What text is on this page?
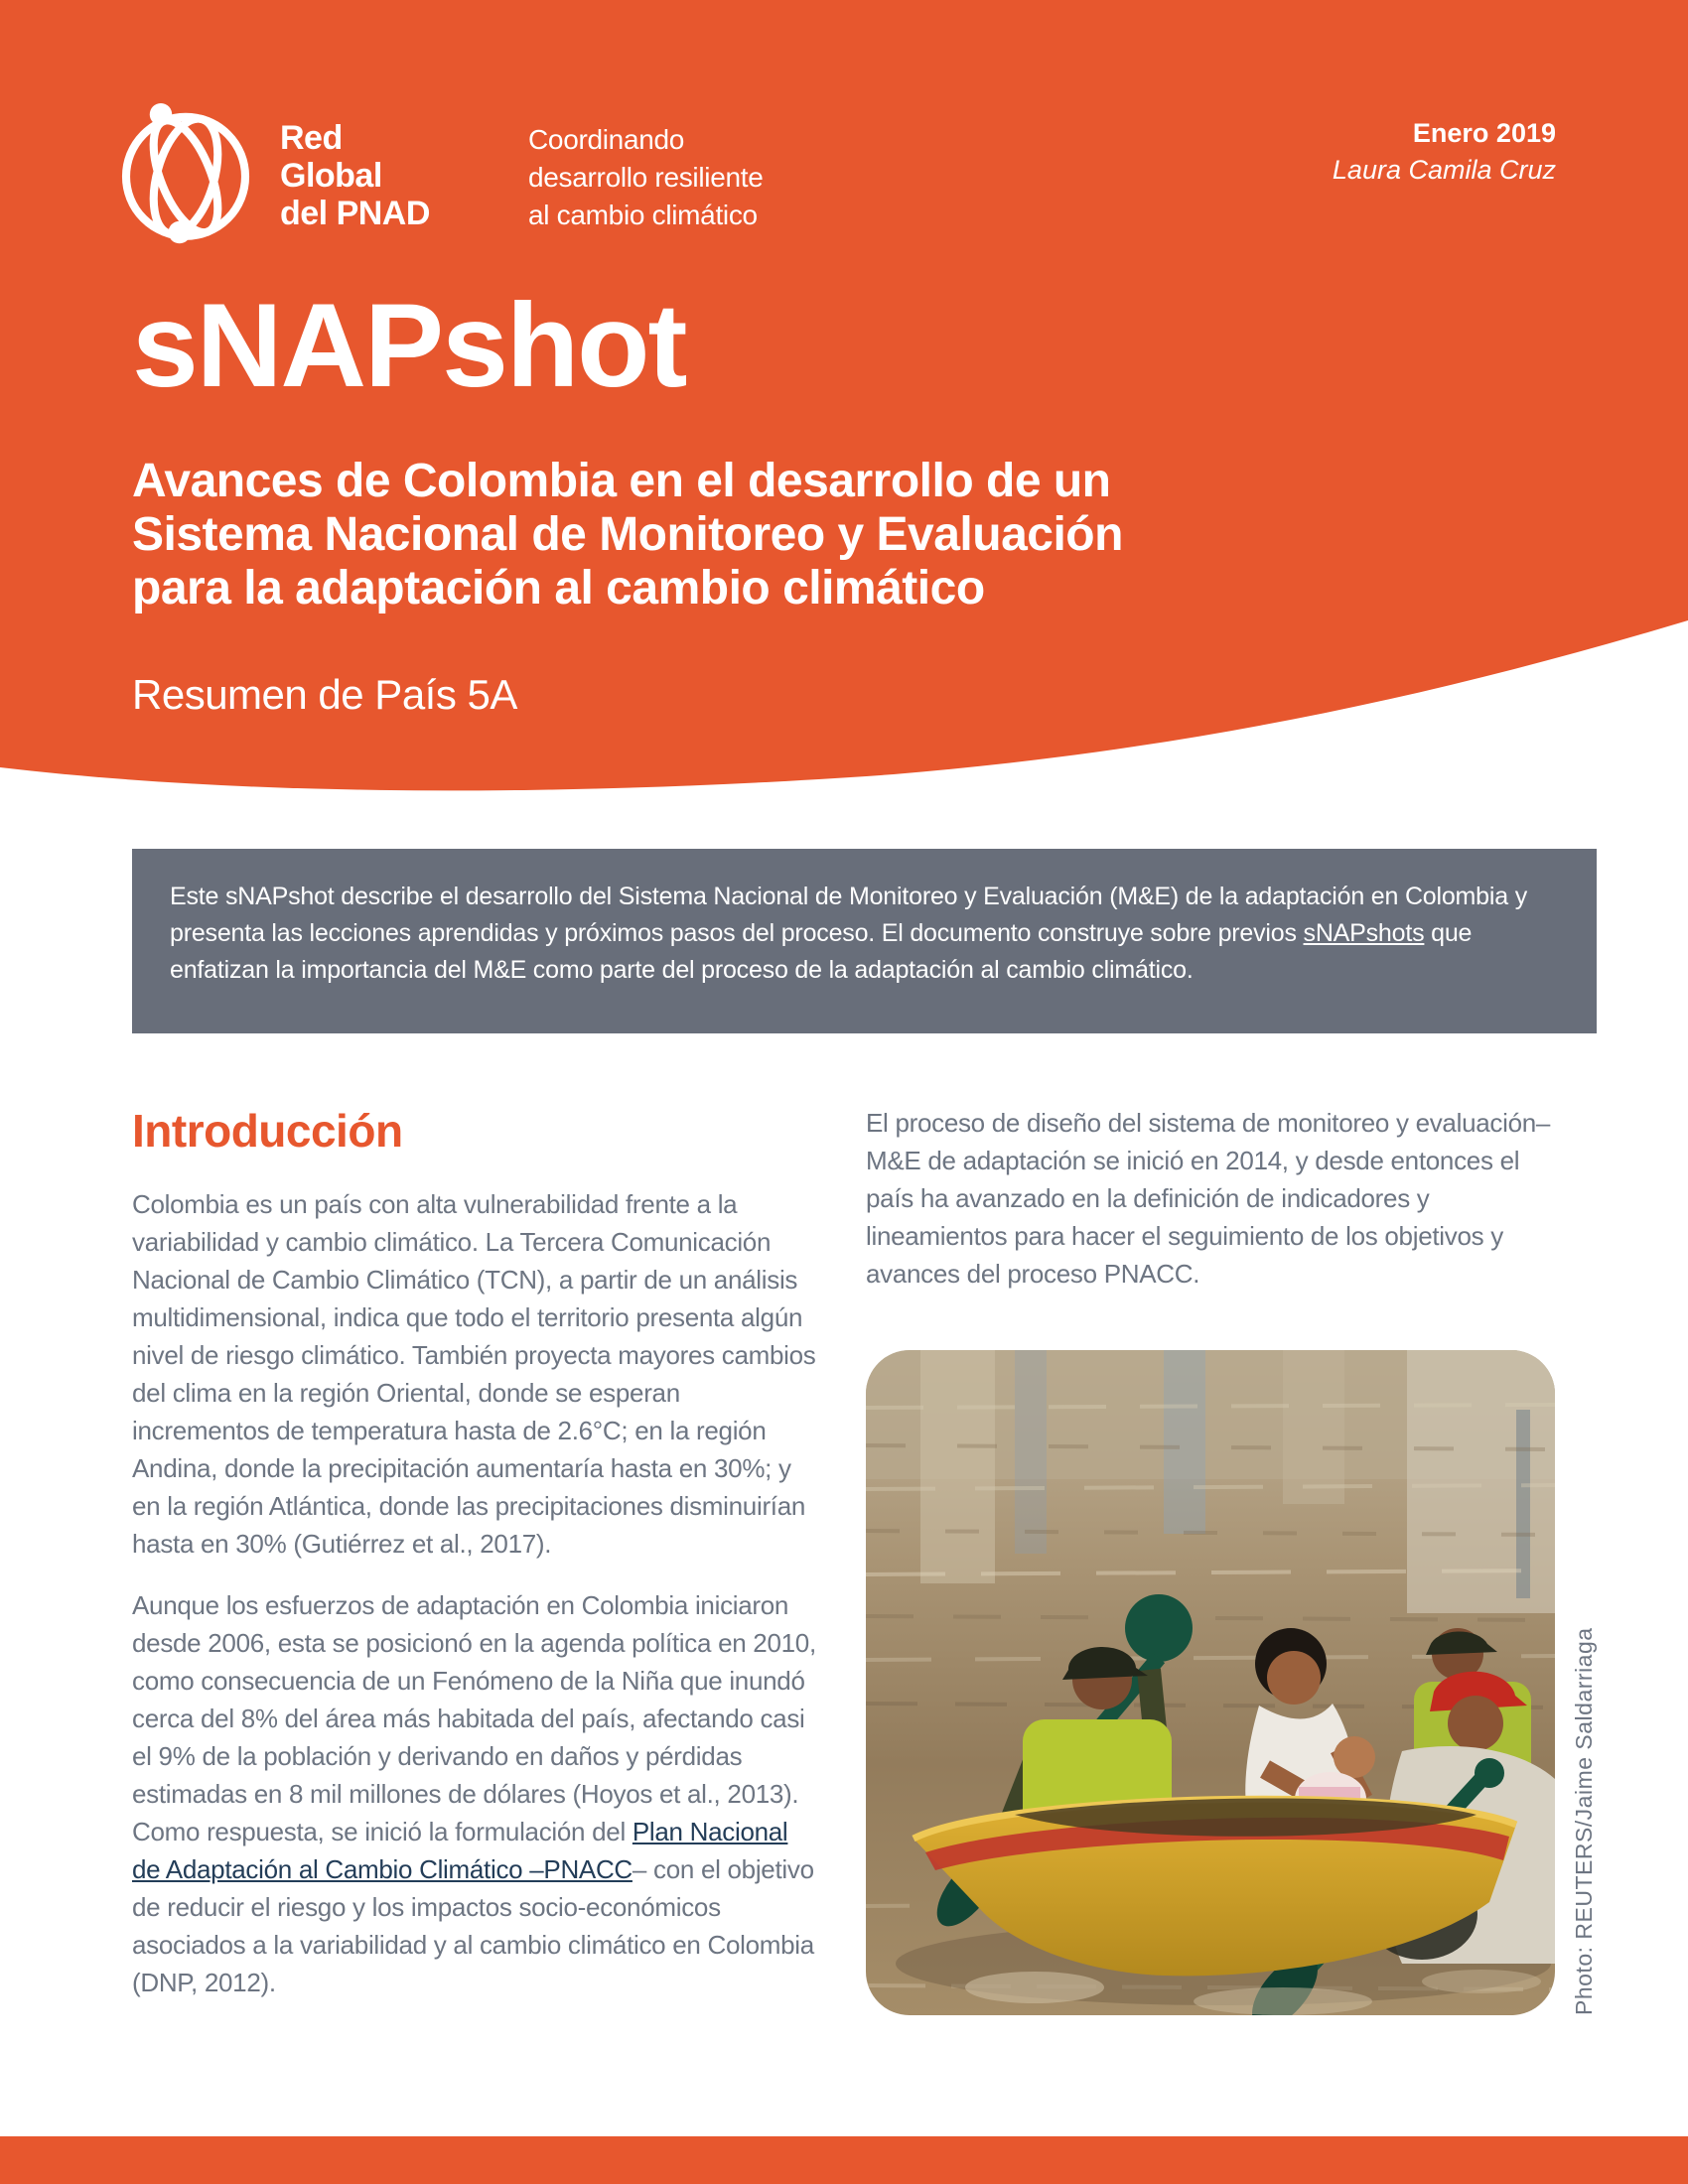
Red
Global
del PNAD
Coordinando
desarrollo resiliente
al cambio climático
Enero 2019
Laura Camila Cruz
sNAPshot
Avances de Colombia en el desarrollo de un
Sistema Nacional de Monitoreo y Evaluación
para la adaptación al cambio climático
Resumen de País 5A
Este sNAPshot describe el desarrollo del Sistema Nacional de Monitoreo y Evaluación (M&E) de la adaptación en Colombia y presenta las lecciones aprendidas y próximos pasos del proceso. El documento construye sobre previos sNAPshots que enfatizan la importancia del M&E como parte del proceso de la adaptación al cambio climático.
Introducción

Colombia es un país con alta vulnerabilidad frente a la variabilidad y cambio climático. La Tercera Comunicación Nacional de Cambio Climático (TCN), a partir de un análisis multidimensional, indica que todo el territorio presenta algún nivel de riesgo climático. También proyecta mayores cambios del clima en la región Oriental, donde se esperan incrementos de temperatura hasta de 2.6°C; en la región Andina, donde la precipitación aumentaría hasta en 30%; y en la región Atlántica, donde las precipitaciones disminuirían hasta en 30% (Gutiérrez et al., 2017).

Aunque los esfuerzos de adaptación en Colombia iniciaron desde 2006, esta se posicionó en la agenda política en 2010, como consecuencia de un Fenómeno de la Niña que inundó cerca del 8% del área más habitada del país, afectando casi el 9% de la población y derivando en daños y pérdidas estimadas en 8 mil millones de dólares (Hoyos et al., 2013). Como respuesta, se inició la formulación del Plan Nacional de Adaptación al Cambio Climático –PNACC– con el objetivo de reducir el riesgo y los impactos socio-económicos asociados a la variabilidad y al cambio climático en Colombia (DNP, 2012).

El proceso de diseño del sistema de monitoreo y evaluación–M&E de adaptación se inició en 2014, y desde entonces el país ha avanzado en la definición de indicadores y lineamientos para hacer el seguimiento de los objetivos y avances del proceso PNACC.

Photo: REUTERS/Jaime Saldarriaga
